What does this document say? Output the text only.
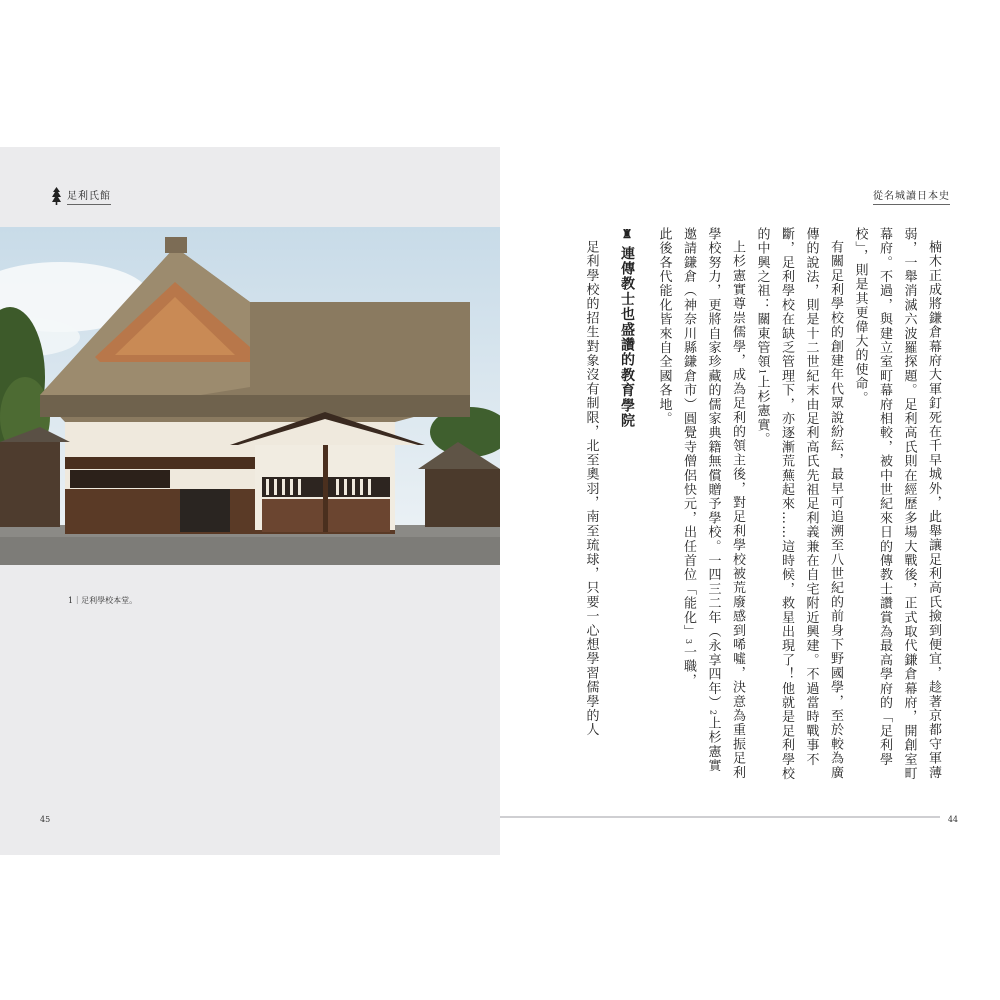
足利氏館
1｜足利學校本堂。
45
從名城讀日本史

楠木正成將鎌倉幕府大軍釘死在千早城外，此舉讓足利高氏撿到便宜，趁著京都守軍薄弱，一舉消滅六波羅探題。足利高氏則在經歷多場大戰後，正式取代鎌倉幕府，開創室町幕府。不過，與建立室町幕府相較，被中世紀來日的傳教士讚賞為最高學府的「足利學校」，則是其更偉大的使命。

有關足利學校的創建年代眾說紛紜，最早可追溯至八世紀的前身下野國學，至於較為廣傳的說法，則是十二世紀末由足利高氏先祖足利義兼在自宅附近興建。不過當時戰事不斷，足利學校在缺乏管理下，亦逐漸荒蕪起來……這時候，救星出現了！他就是足利學校的中興之祖：關東管領1上杉憲實。

上杉憲實尊崇儒學，成為足利的領主後，對足利學校被荒廢感到唏噓，決意為重振足利學校努力，更將自家珍藏的儒家典籍無償贈予學校。一四三二年（永享四年）2上杉憲實邀請鎌倉（神奈川縣鎌倉市）圓覺寺僧侶快元，出任首位「能化」3一職，

此後各代能化皆來自全國各地。

♜
連傳教士也盛讚的教育學院

足利學校的招生對象沒有制限，北至奧羽，南至琉球，只要一心想學習儒學的人

44
